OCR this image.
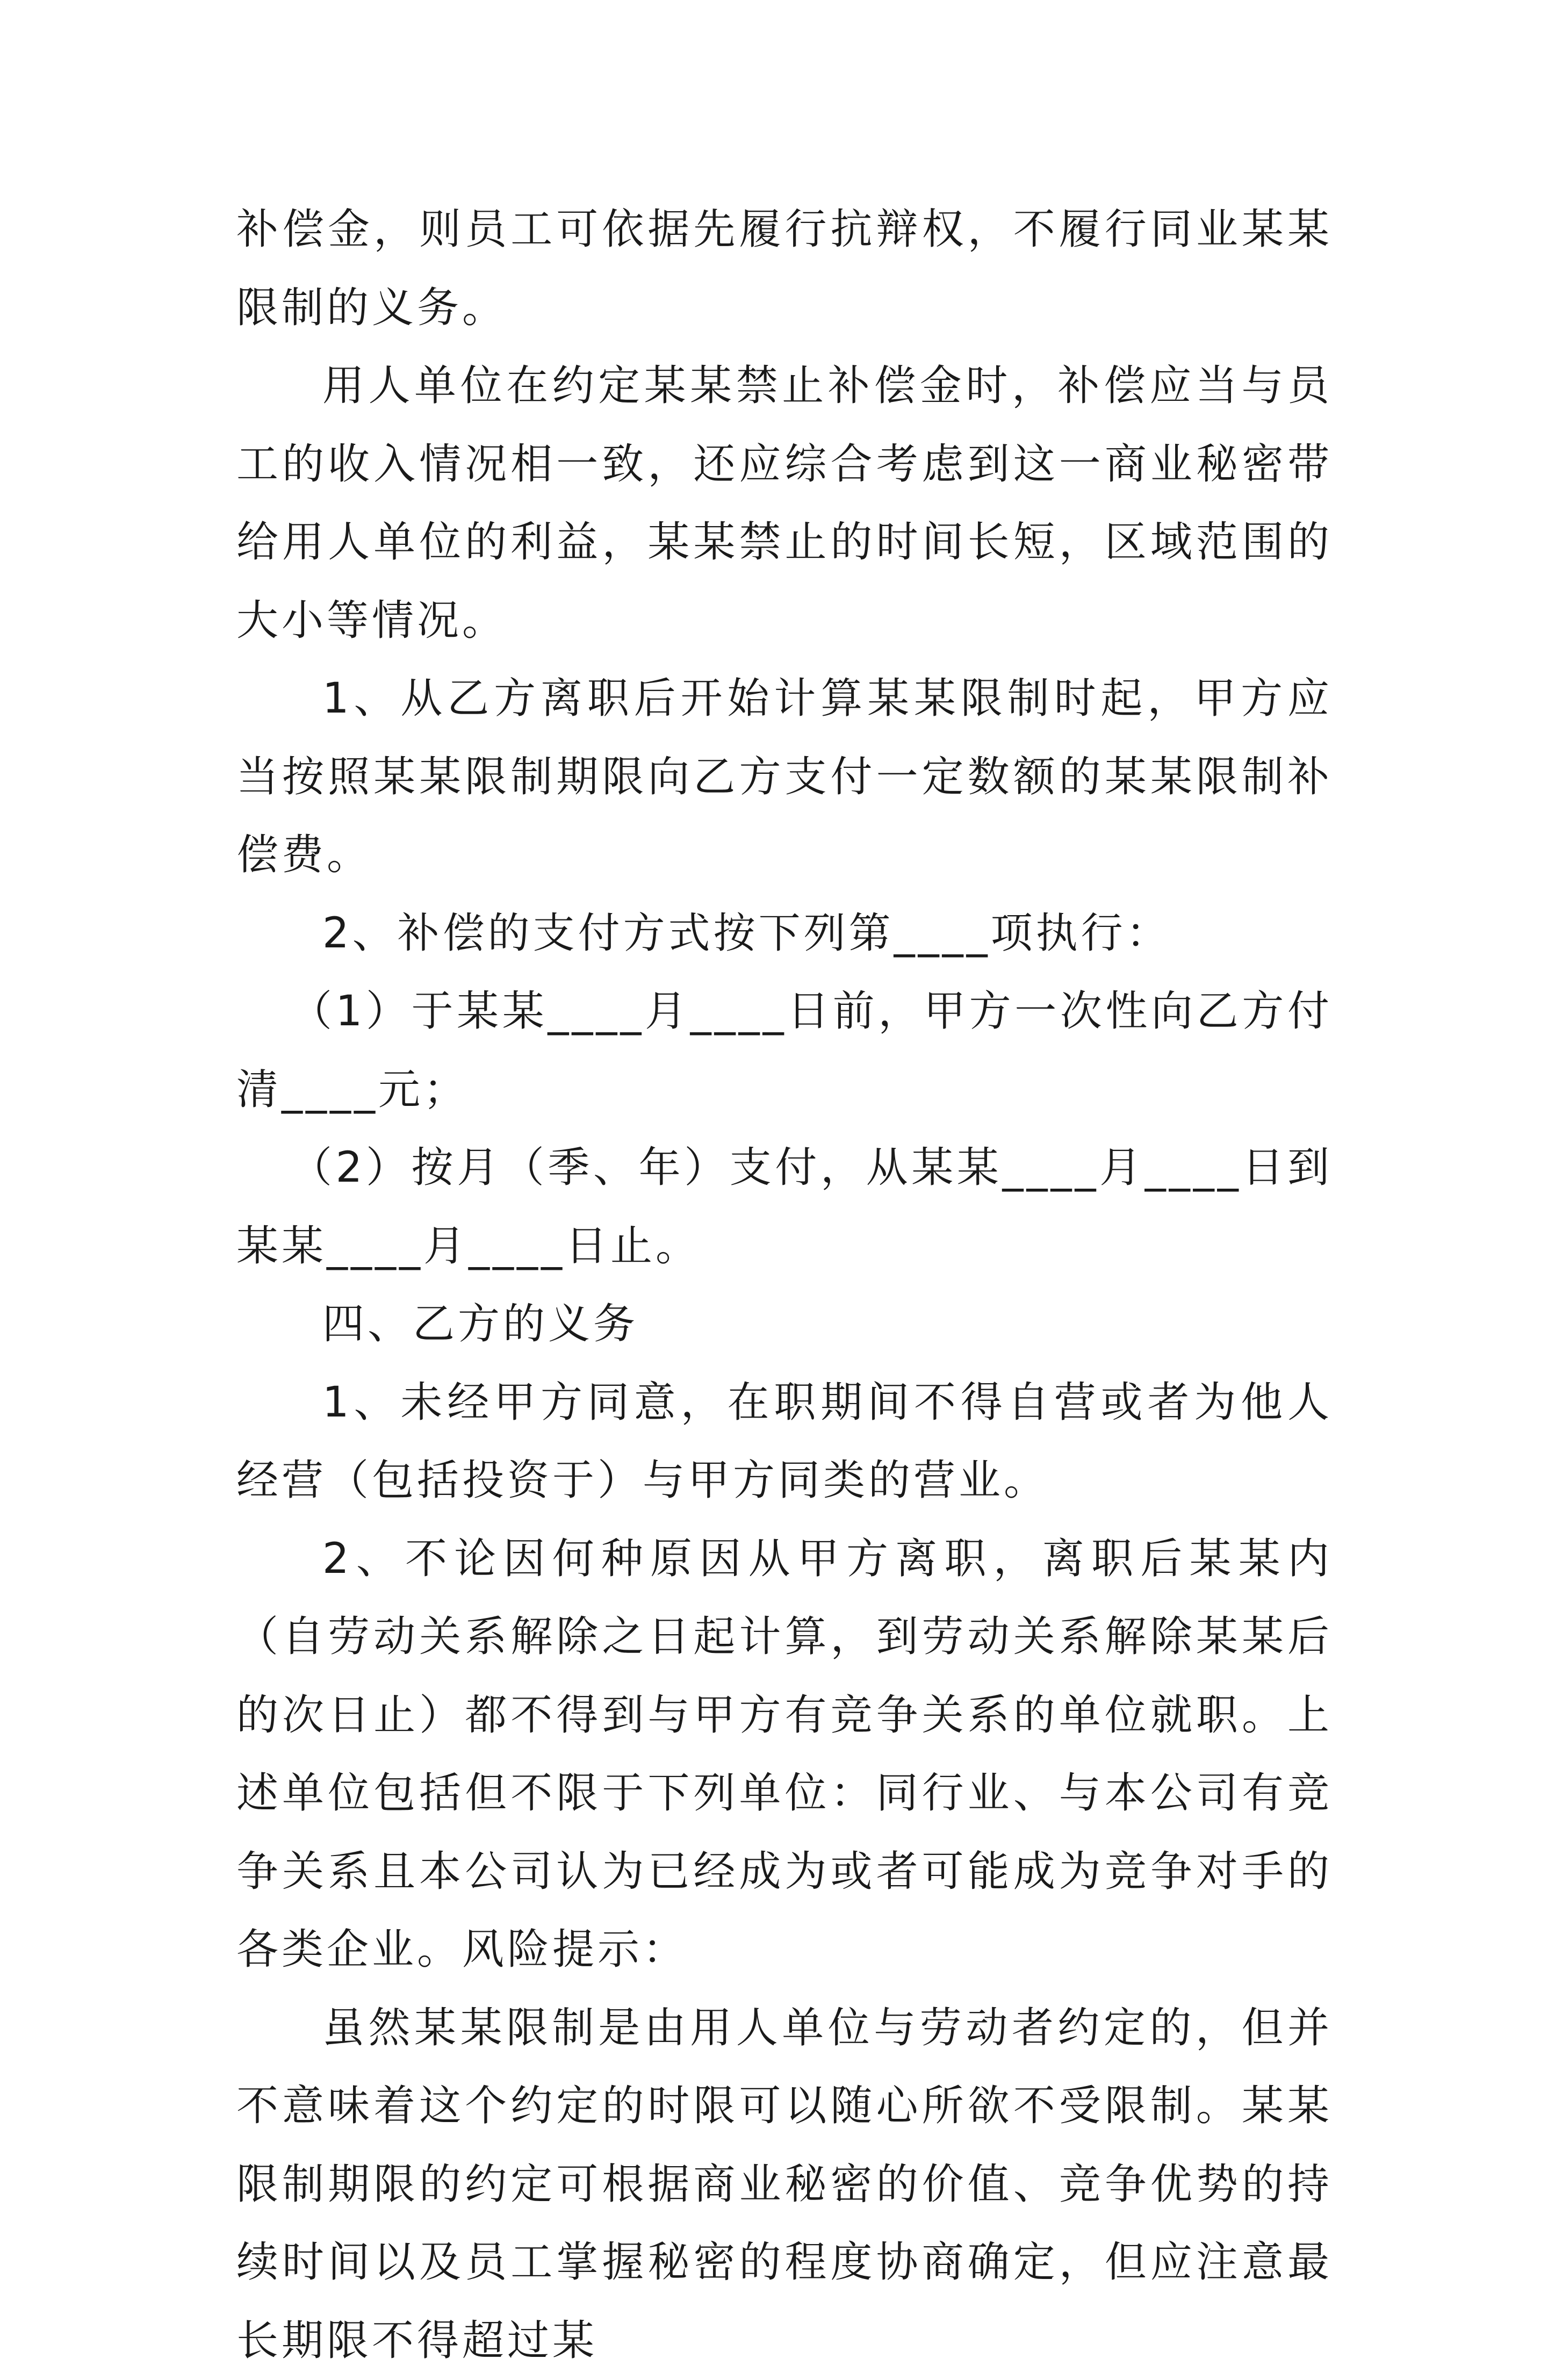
补偿金，则员工可依据先履行抗辩权，不履行同业某某限制的义务。

用人单位在约定某某禁止补偿金时，补偿应当与员工的收入情况相一致，还应综合考虑到这一商业秘密带给用人单位的利益，某某禁止的时间长短，区域范围的大小等情况。

1、从乙方离职后开始计算某某限制时起，甲方应当按照某某限制期限向乙方支付一定数额的某某限制补偿费。

2、补偿的支付方式按下列第____项执行：

（1）于某某____月____日前，甲方一次性向乙方付清____元；

（2）按月（季、年）支付，从某某____月____日到某某____月____日止。

四、乙方的义务

1、未经甲方同意，在职期间不得自营或者为他人经营（包括投资于）与甲方同类的营业。

2、不论因何种原因从甲方离职，离职后某某内（自劳动关系解除之日起计算，到劳动关系解除某某后的次日止）都不得到与甲方有竞争关系的单位就职。上述单位包括但不限于下列单位：同行业、与本公司有竞争关系且本公司认为已经成为或者可能成为竞争对手的各类企业。风险提示：

虽然某某限制是由用人单位与劳动者约定的，但并不意味着这个约定的时限可以随心所欲不受限制。某某限制期限的约定可根据商业秘密的价值、竞争优势的持续时间以及员工掌握秘密的程度协商确定，但应注意最长期限不得超过某
